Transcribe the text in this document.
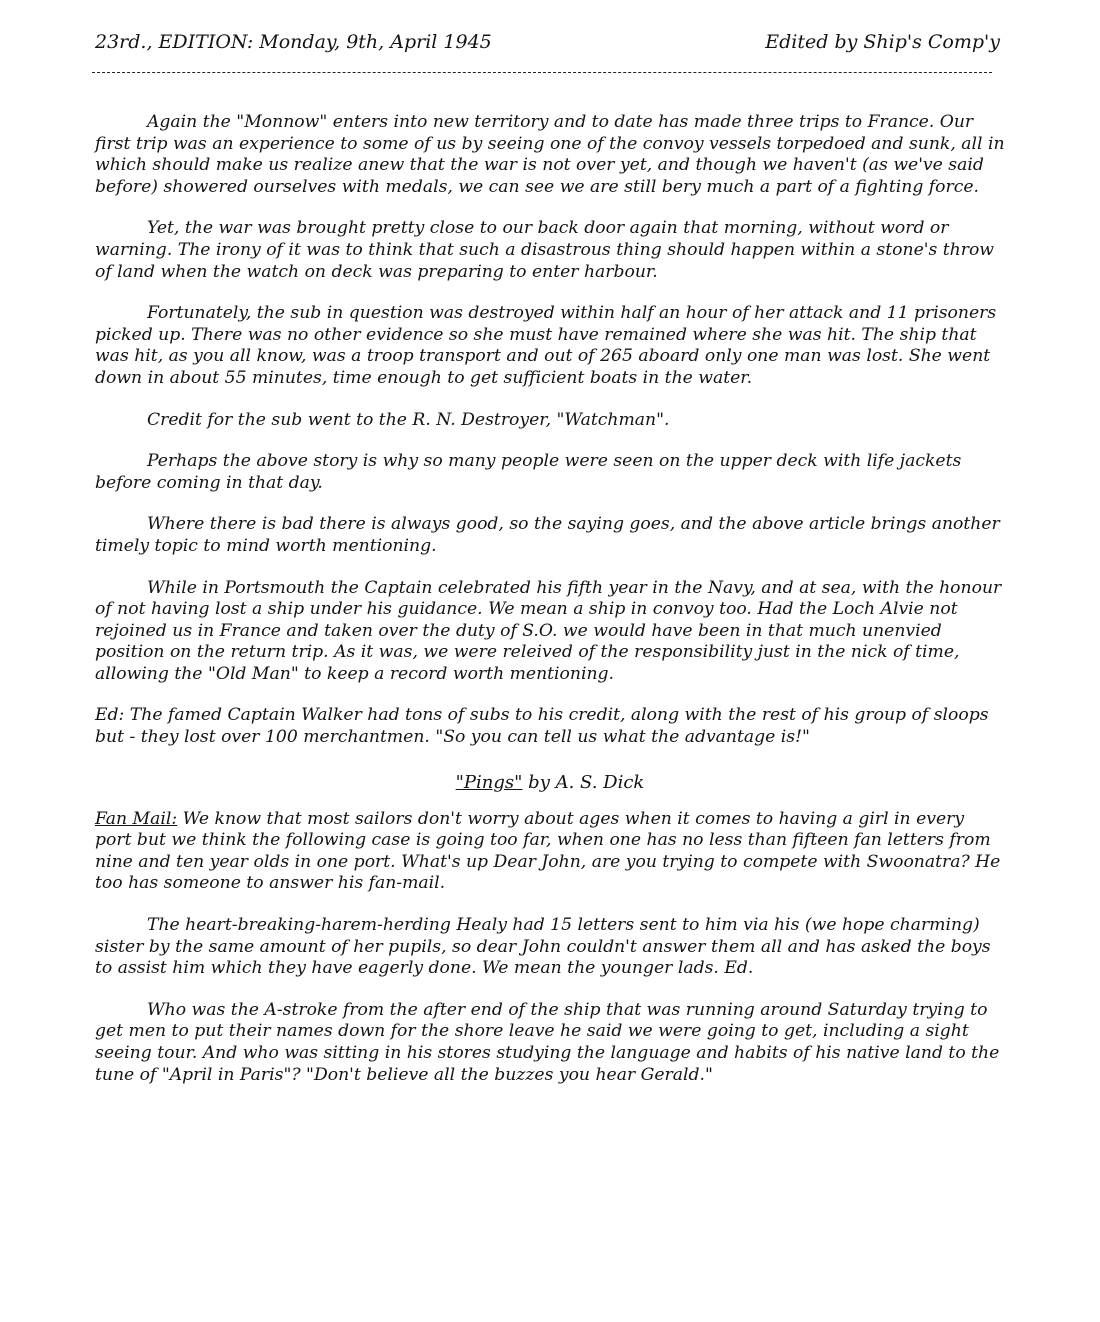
23rd., EDITION: Monday, 9th, April 1945	Edited by Ship's Comp'y

Again the "Monnow" enters into new territory and to date has made three trips to France. Our first trip was an experience to some of us by seeing one of the convoy vessels torpedoed and sunk, all in which should make us realize anew that the war is not over yet, and though we haven't (as we've said before) showered ourselves with medals, we can see we are still bery much a part of a fighting force.

Yet, the war was brought pretty close to our back door again that morning, without word or warning. The irony of it was to think that such a disastrous thing should happen within a stone's throw of land when the watch on deck was preparing to enter harbour.

Fortunately, the sub in question was destroyed within half an hour of her attack and 11 prisoners picked up. There was no other evidence so she must have remained where she was hit. The ship that was hit, as you all know, was a troop transport and out of 265 aboard only one man was lost. She went down in about 55 minutes, time enough to get sufficient boats in the water.

Credit for the sub went to the R. N. Destroyer, "Watchman".

Perhaps the above story is why so many people were seen on the upper deck with life jackets before coming in that day.

Where there is bad there is always good, so the saying goes, and the above article brings another timely topic to mind worth mentioning.

While in Portsmouth the Captain celebrated his fifth year in the Navy, and at sea, with the honour of not having lost a ship under his guidance. We mean a ship in convoy too. Had the Loch Alvie not rejoined us in France and taken over the duty of S.O. we would have been in that much unenvied position on the return trip. As it was, we were releived of the responsibility just in the nick of time, allowing the "Old Man" to keep a record worth mentioning.

Ed: The famed Captain Walker had tons of subs to his credit, along with the rest of his group of sloops but - they lost over 100 merchantmen. "So you can tell us what the advantage is!"

"Pings" by A. S. Dick

Fan Mail: We know that most sailors don't worry about ages when it comes to having a girl in every port but we think the following case is going too far, when one has no less than fifteen fan letters from nine and ten year olds in one port. What's up Dear John, are you trying to compete with Swoonatra? He too has someone to answer his fan-mail.

The heart-breaking-harem-herding Healy had 15 letters sent to him via his (we hope charming) sister by the same amount of her pupils, so dear John couldn't answer them all and has asked the boys to assist him which they have eagerly done. We mean the younger lads. Ed.

Who was the A-stroke from the after end of the ship that was running around Saturday trying to get men to put their names down for the shore leave he said we were going to get, including a sight seeing tour. And who was sitting in his stores studying the language and habits of his native land to the tune of "April in Paris"? "Don't believe all the buzzes you hear Gerald."
